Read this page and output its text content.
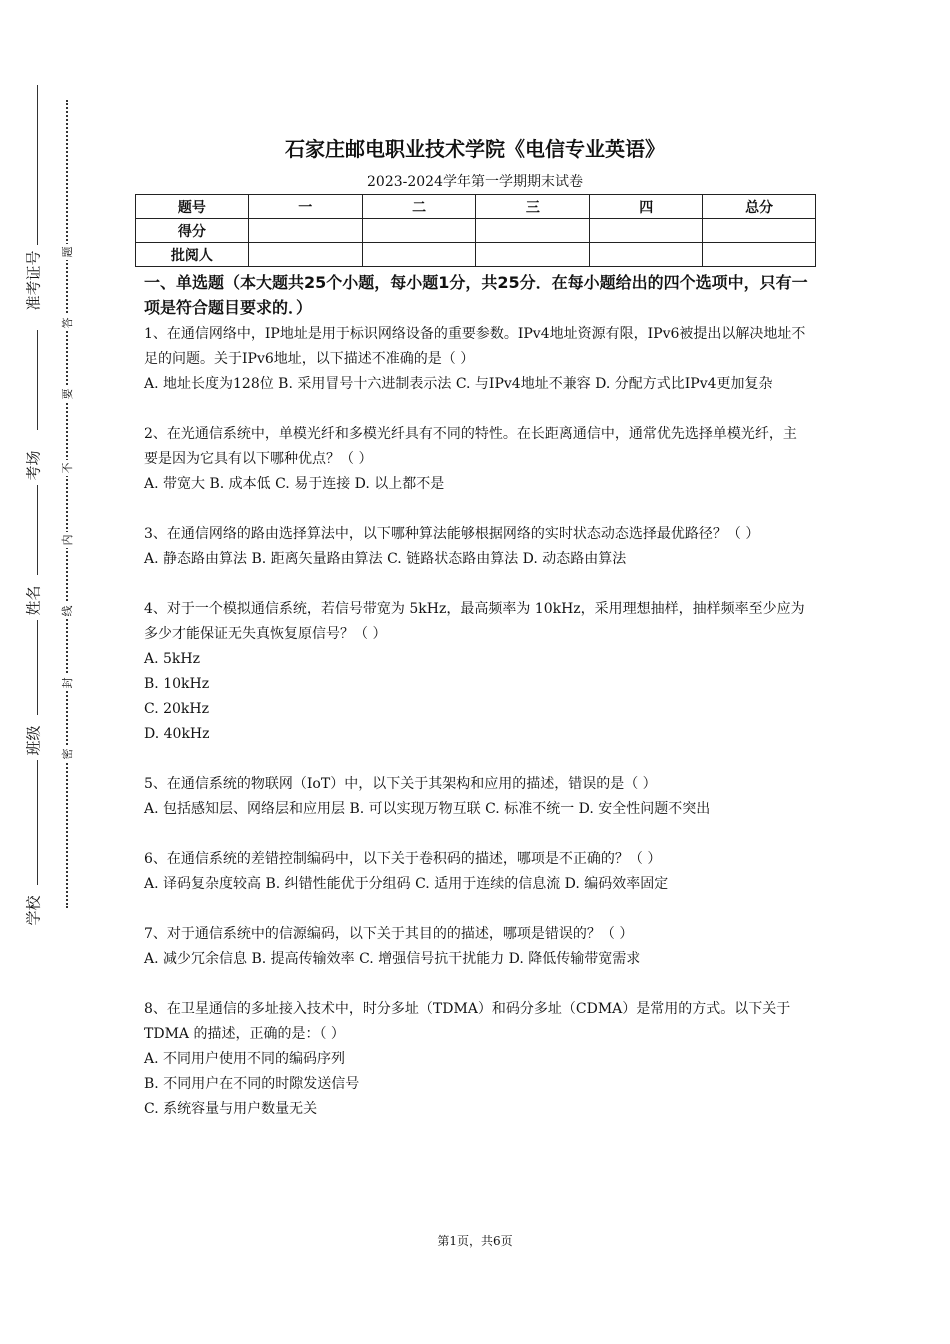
准考证号
考场
姓名
班级
学校
题
答
要
不
内
线
封
密
石家庄邮电职业技术学院《电信专业英语》
2023-2024学年第一学期期末试卷
题号	一	二	三	四	总分
得分					
批阅人					
一、单选题（本大题共25个小题，每小题1分，共25分．在每小题给出的四个选项中，只有一项是符合题目要求的．）

1、在通信网络中，IP地址是用于标识网络设备的重要参数。IPv4地址资源有限，IPv6被提出以解决地址不足的问题。关于IPv6地址，以下描述不准确的是（ ）

A. 地址长度为128位 B. 采用冒号十六进制表示法 C. 与IPv4地址不兼容 D. 分配方式比IPv4更加复杂

2、在光通信系统中，单模光纤和多模光纤具有不同的特性。在长距离通信中，通常优先选择单模光纤，主要是因为它具有以下哪种优点？（ ）

A. 带宽大 B. 成本低 C. 易于连接 D. 以上都不是

3、在通信网络的路由选择算法中，以下哪种算法能够根据网络的实时状态动态选择最优路径？（ ）

A. 静态路由算法 B. 距离矢量路由算法 C. 链路状态路由算法 D. 动态路由算法

4、对于一个模拟通信系统，若信号带宽为 5kHz，最高频率为 10kHz，采用理想抽样，抽样频率至少应为多少才能保证无失真恢复原信号？（ ）

A. 5kHz

B. 10kHz

C. 20kHz

D. 40kHz

5、在通信系统的物联网（IoT）中，以下关于其架构和应用的描述，错误的是（ ）

A. 包括感知层、网络层和应用层 B. 可以实现万物互联 C. 标准不统一 D. 安全性问题不突出

6、在通信系统的差错控制编码中，以下关于卷积码的描述，哪项是不正确的？（ ）

A. 译码复杂度较高 B. 纠错性能优于分组码 C. 适用于连续的信息流 D. 编码效率固定

7、对于通信系统中的信源编码，以下关于其目的的描述，哪项是错误的？（ ）

A. 减少冗余信息 B. 提高传输效率 C. 增强信号抗干扰能力 D. 降低传输带宽需求

8、在卫星通信的多址接入技术中，时分多址（TDMA）和码分多址（CDMA）是常用的方式。以下关于 TDMA 的描述，正确的是：（ ）

A. 不同用户使用不同的编码序列

B. 不同用户在不同的时隙发送信号

C. 系统容量与用户数量无关

第1页，共6页
